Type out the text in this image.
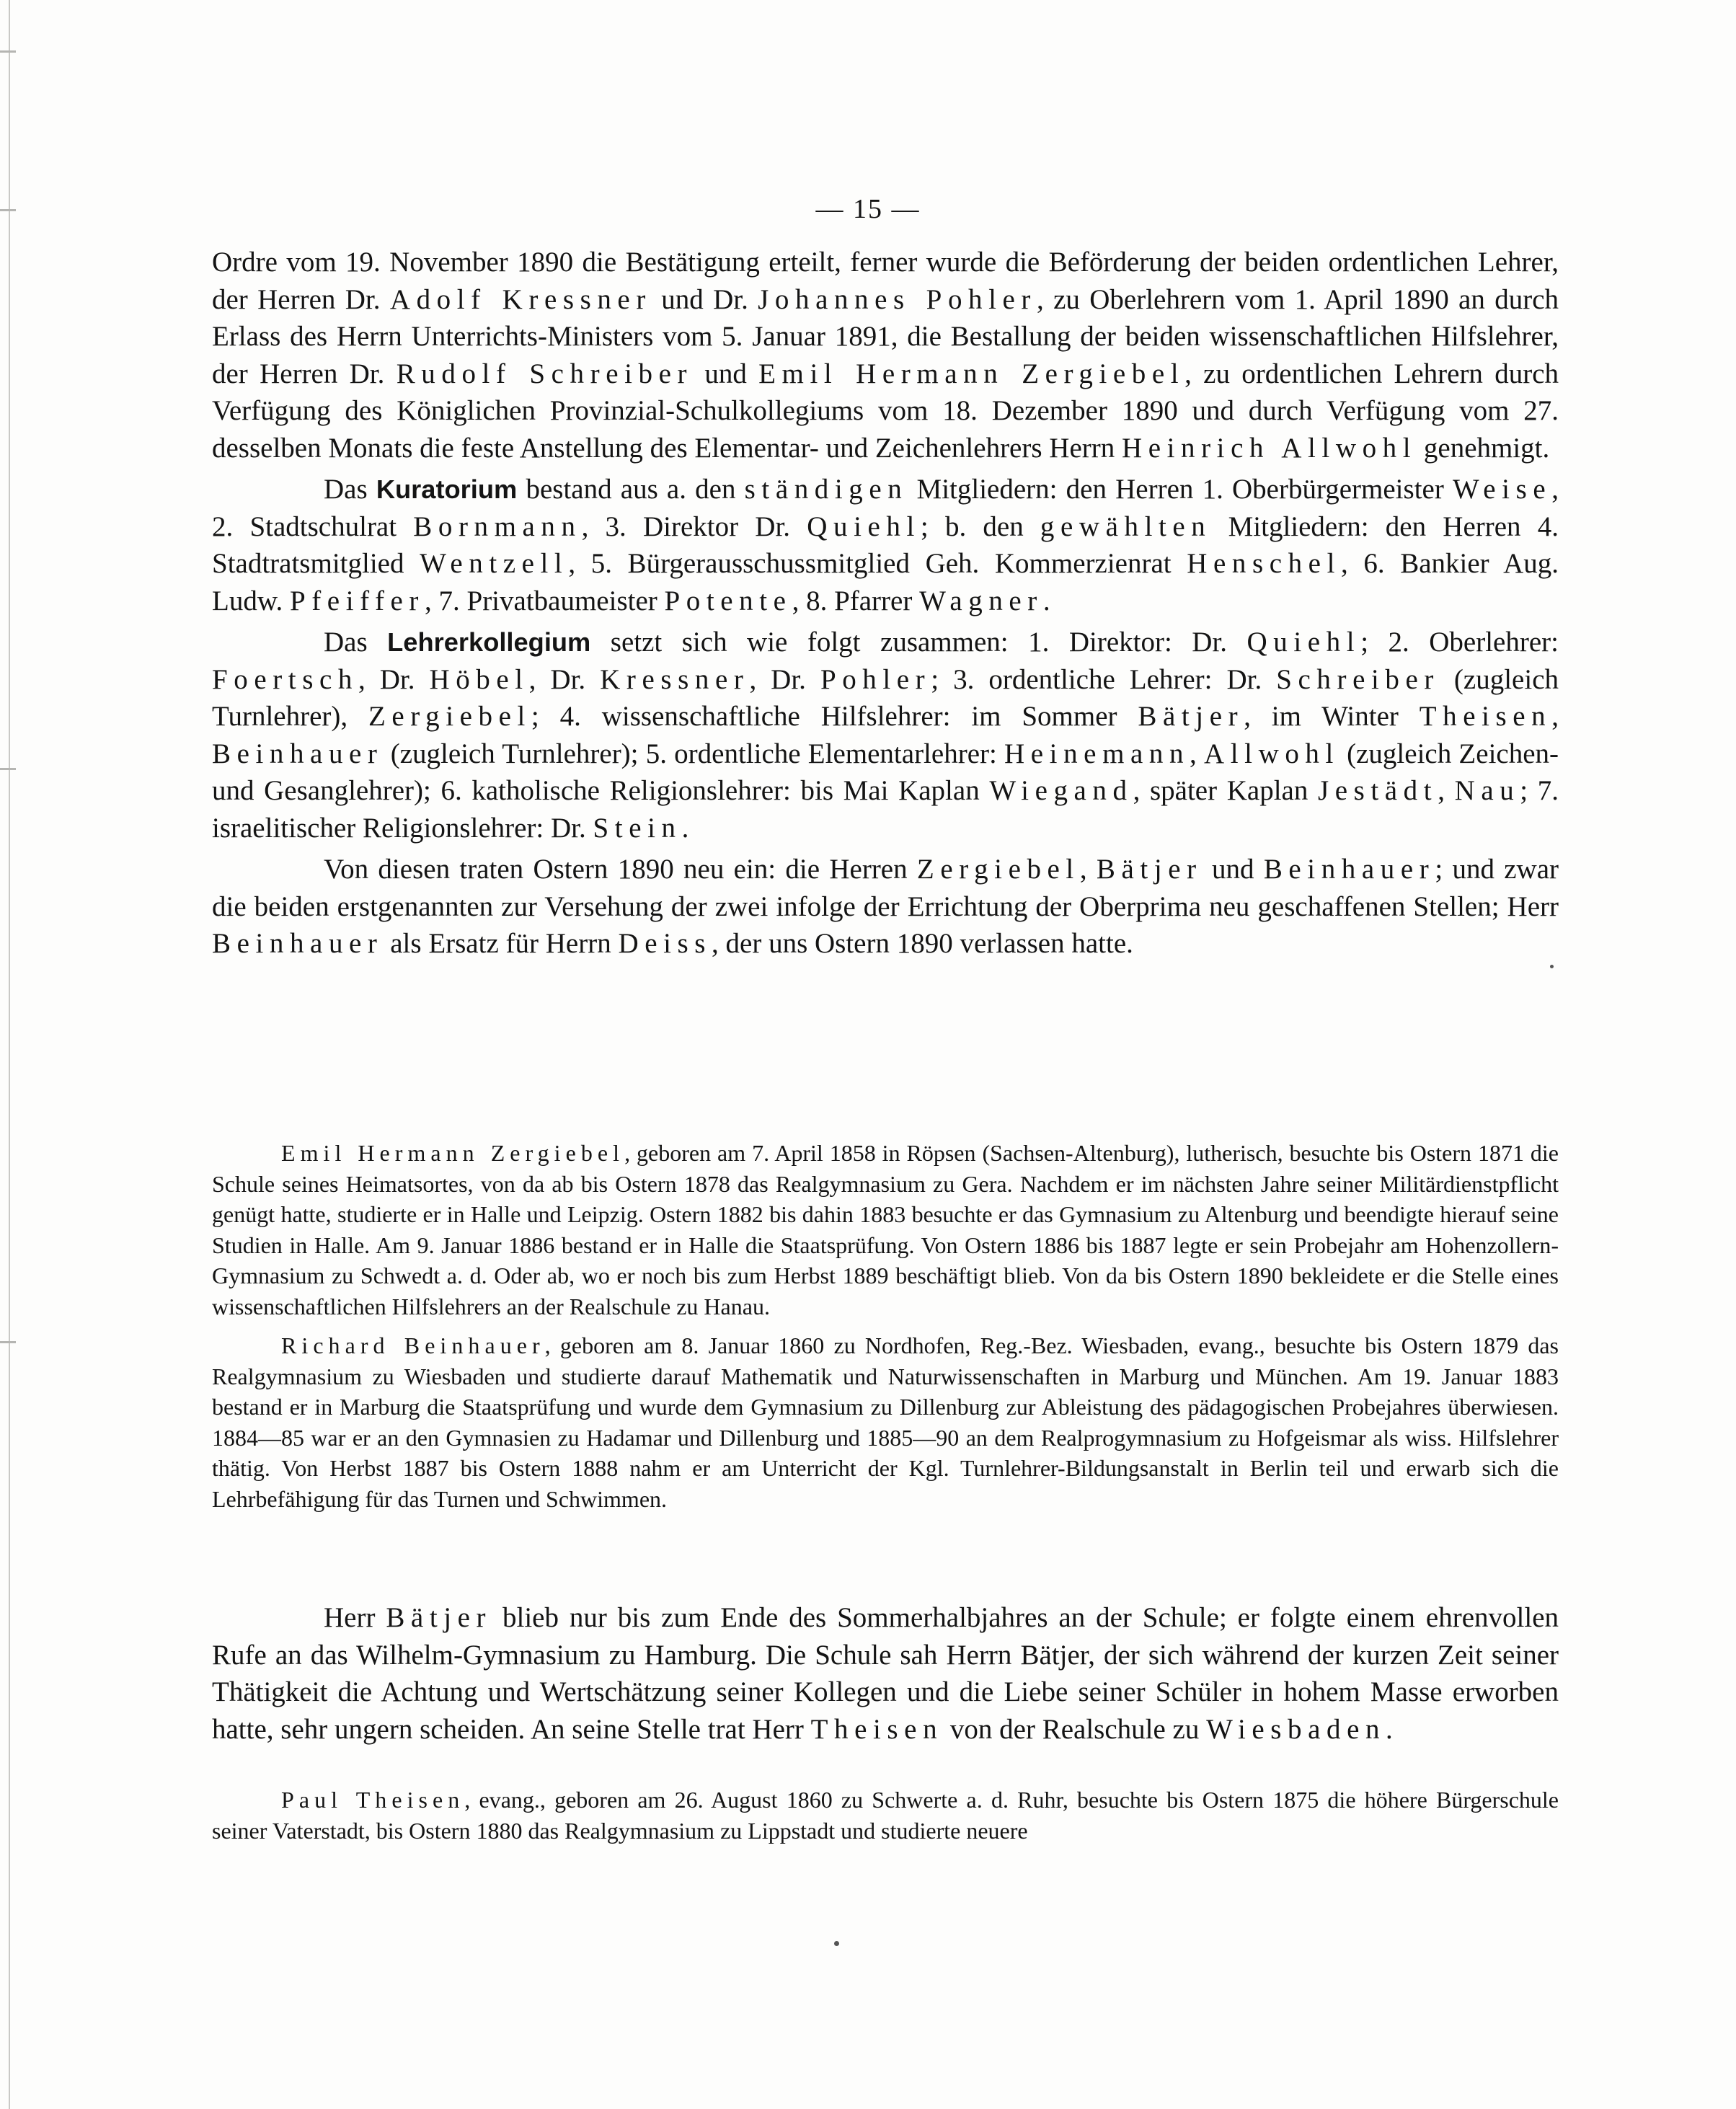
— 15 —

Ordre vom 19. November 1890 die Bestätigung erteilt, ferner wurde die Beförderung der beiden ordentlichen Lehrer, der Herren Dr. Adolf Kressner und Dr. Johannes Pohler, zu Oberlehrern vom 1. April 1890 an durch Erlass des Herrn Unterrichts-Ministers vom 5. Januar 1891, die Bestallung der beiden wissenschaftlichen Hilfslehrer, der Herren Dr. Rudolf Schreiber und Emil Hermann Zergiebel, zu ordentlichen Lehrern durch Verfügung des Königlichen Provinzial-Schulkollegiums vom 18. Dezember 1890 und durch Verfügung vom 27. desselben Monats die feste Anstellung des Elementar- und Zeichenlehrers Herrn Heinrich Allwohl genehmigt.

Das Kuratorium bestand aus a. den ständigen Mitgliedern: den Herren 1. Oberbürgermeister Weise, 2. Stadtschulrat Bornmann, 3. Direktor Dr. Quiehl; b. den gewählten Mitgliedern: den Herren 4. Stadtratsmitglied Wentzell, 5. Bürgerausschussmitglied Geh. Kommerzienrat Henschel, 6. Bankier Aug. Ludw. Pfeiffer, 7. Privatbaumeister Potente, 8. Pfarrer Wagner.

Das Lehrerkollegium setzt sich wie folgt zusammen: 1. Direktor: Dr. Quiehl; 2. Oberlehrer: Foertsch, Dr. Höbel, Dr. Kressner, Dr. Pohler; 3. ordentliche Lehrer: Dr. Schreiber (zugleich Turnlehrer), Zergiebel; 4. wissenschaftliche Hilfslehrer: im Sommer Bätjer, im Winter Theisen, Beinhauer (zugleich Turnlehrer); 5. ordentliche Elementarlehrer: Heinemann, Allwohl (zugleich Zeichen- und Gesanglehrer); 6. katholische Religionslehrer: bis Mai Kaplan Wiegand, später Kaplan Jestädt, Nau; 7. israelitischer Religionslehrer: Dr. Stein.

Von diesen traten Ostern 1890 neu ein: die Herren Zergiebel, Bätjer und Beinhauer; und zwar die beiden erstgenannten zur Versehung der zwei infolge der Errichtung der Oberprima neu geschaffenen Stellen; Herr Beinhauer als Ersatz für Herrn Deiss, der uns Ostern 1890 verlassen hatte.

Emil Hermann Zergiebel, geboren am 7. April 1858 in Röpsen (Sachsen-Altenburg), lutherisch, besuchte bis Ostern 1871 die Schule seines Heimatsortes, von da ab bis Ostern 1878 das Realgymnasium zu Gera. Nachdem er im nächsten Jahre seiner Militärdienstpflicht genügt hatte, studierte er in Halle und Leipzig. Ostern 1882 bis dahin 1883 besuchte er das Gymnasium zu Altenburg und beendigte hierauf seine Studien in Halle. Am 9. Januar 1886 bestand er in Halle die Staatsprüfung. Von Ostern 1886 bis 1887 legte er sein Probejahr am Hohenzollern-Gymnasium zu Schwedt a. d. Oder ab, wo er noch bis zum Herbst 1889 beschäftigt blieb. Von da bis Ostern 1890 bekleidete er die Stelle eines wissenschaftlichen Hilfslehrers an der Realschule zu Hanau.

Richard Beinhauer, geboren am 8. Januar 1860 zu Nordhofen, Reg.-Bez. Wiesbaden, evang., besuchte bis Ostern 1879 das Realgymnasium zu Wiesbaden und studierte darauf Mathematik und Naturwissenschaften in Marburg und München. Am 19. Januar 1883 bestand er in Marburg die Staatsprüfung und wurde dem Gymnasium zu Dillenburg zur Ableistung des pädagogischen Probejahres überwiesen. 1884—85 war er an den Gymnasien zu Hadamar und Dillenburg und 1885—90 an dem Realprogymnasium zu Hofgeismar als wiss. Hilfslehrer thätig. Von Herbst 1887 bis Ostern 1888 nahm er am Unterricht der Kgl. Turnlehrer-Bildungsanstalt in Berlin teil und erwarb sich die Lehrbefähigung für das Turnen und Schwimmen.

Herr Bätjer blieb nur bis zum Ende des Sommerhalbjahres an der Schule; er folgte einem ehrenvollen Rufe an das Wilhelm-Gymnasium zu Hamburg. Die Schule sah Herrn Bätjer, der sich während der kurzen Zeit seiner Thätigkeit die Achtung und Wertschätzung seiner Kollegen und die Liebe seiner Schüler in hohem Masse erworben hatte, sehr ungern scheiden. An seine Stelle trat Herr Theisen von der Realschule zu Wiesbaden.

Paul Theisen, evang., geboren am 26. August 1860 zu Schwerte a. d. Ruhr, besuchte bis Ostern 1875 die höhere Bürgerschule seiner Vaterstadt, bis Ostern 1880 das Realgymnasium zu Lippstadt und studierte neuere
